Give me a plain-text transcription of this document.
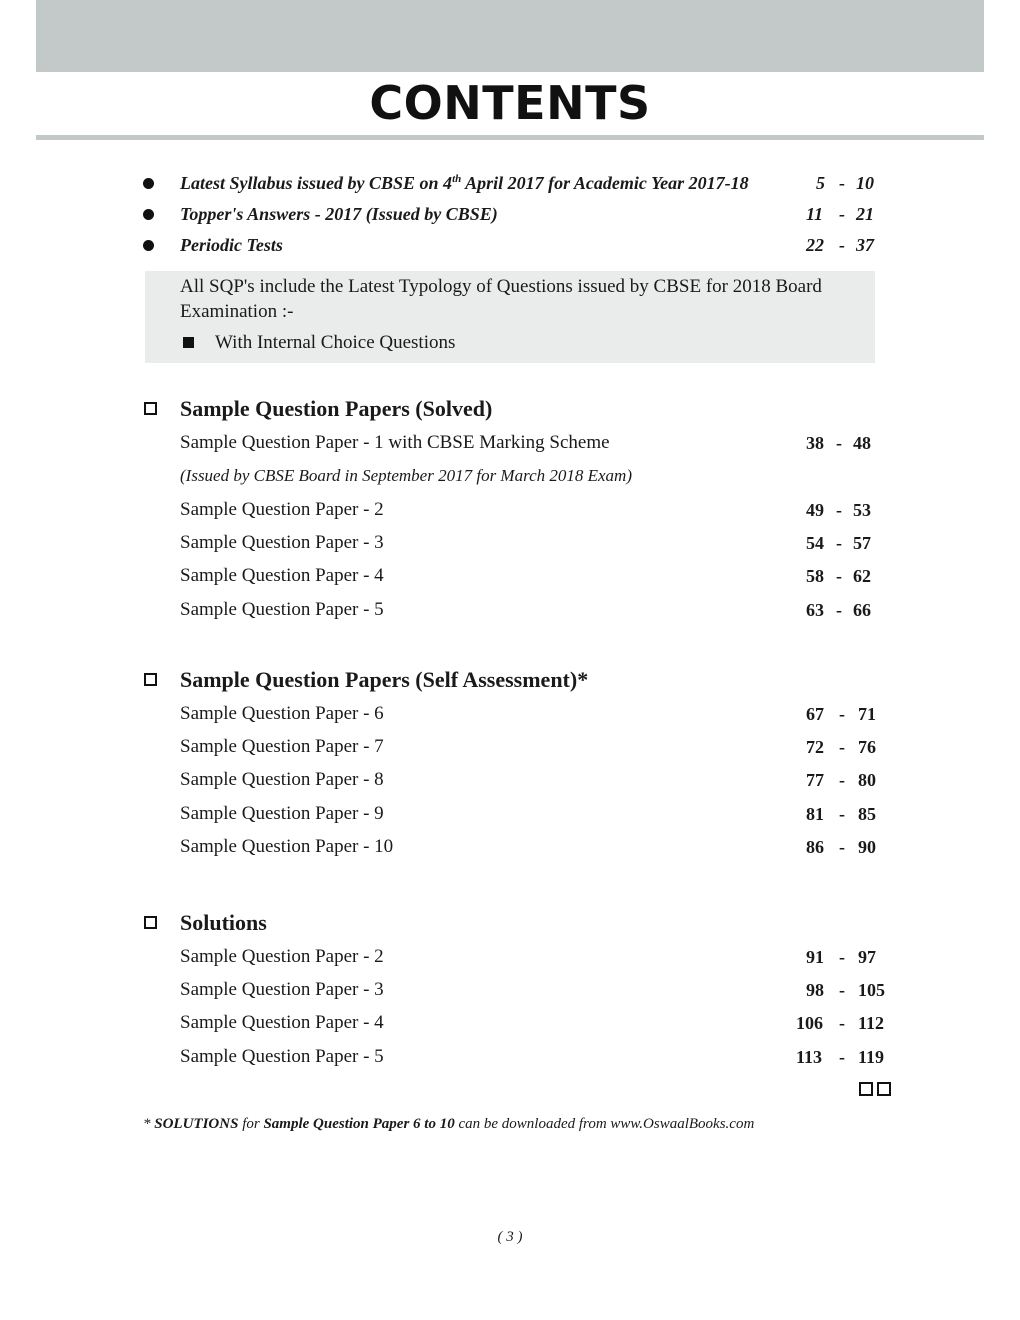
CONTENTS
Latest Syllabus issued by CBSE on 4th April 2017 for Academic Year 2017-18	5 - 10
Topper's Answers - 2017 (Issued by CBSE)	11 - 21
Periodic Tests	22 - 37
All SQP's include the Latest Typology of Questions issued by CBSE for 2018 Board Examination :-
With Internal Choice Questions
Sample Question Papers (Solved)
Sample Question Paper - 1 with CBSE Marking Scheme	38 - 48
(Issued by CBSE Board in September 2017 for March 2018 Exam)
Sample Question Paper - 2	49 - 53
Sample Question Paper - 3	54 - 57
Sample Question Paper - 4	58 - 62
Sample Question Paper - 5	63 - 66
Sample Question Papers (Self Assessment)*
Sample Question Paper - 6	67 - 71
Sample Question Paper - 7	72 - 76
Sample Question Paper - 8	77 - 80
Sample Question Paper - 9	81 - 85
Sample Question Paper - 10	86 - 90
Solutions
Sample Question Paper - 2	91 - 97
Sample Question Paper - 3	98 - 105
Sample Question Paper - 4	106 - 112
Sample Question Paper - 5	113 - 119
* SOLUTIONS for Sample Question Paper 6 to 10 can be downloaded from www.OswaalBooks.com
( 3 )
